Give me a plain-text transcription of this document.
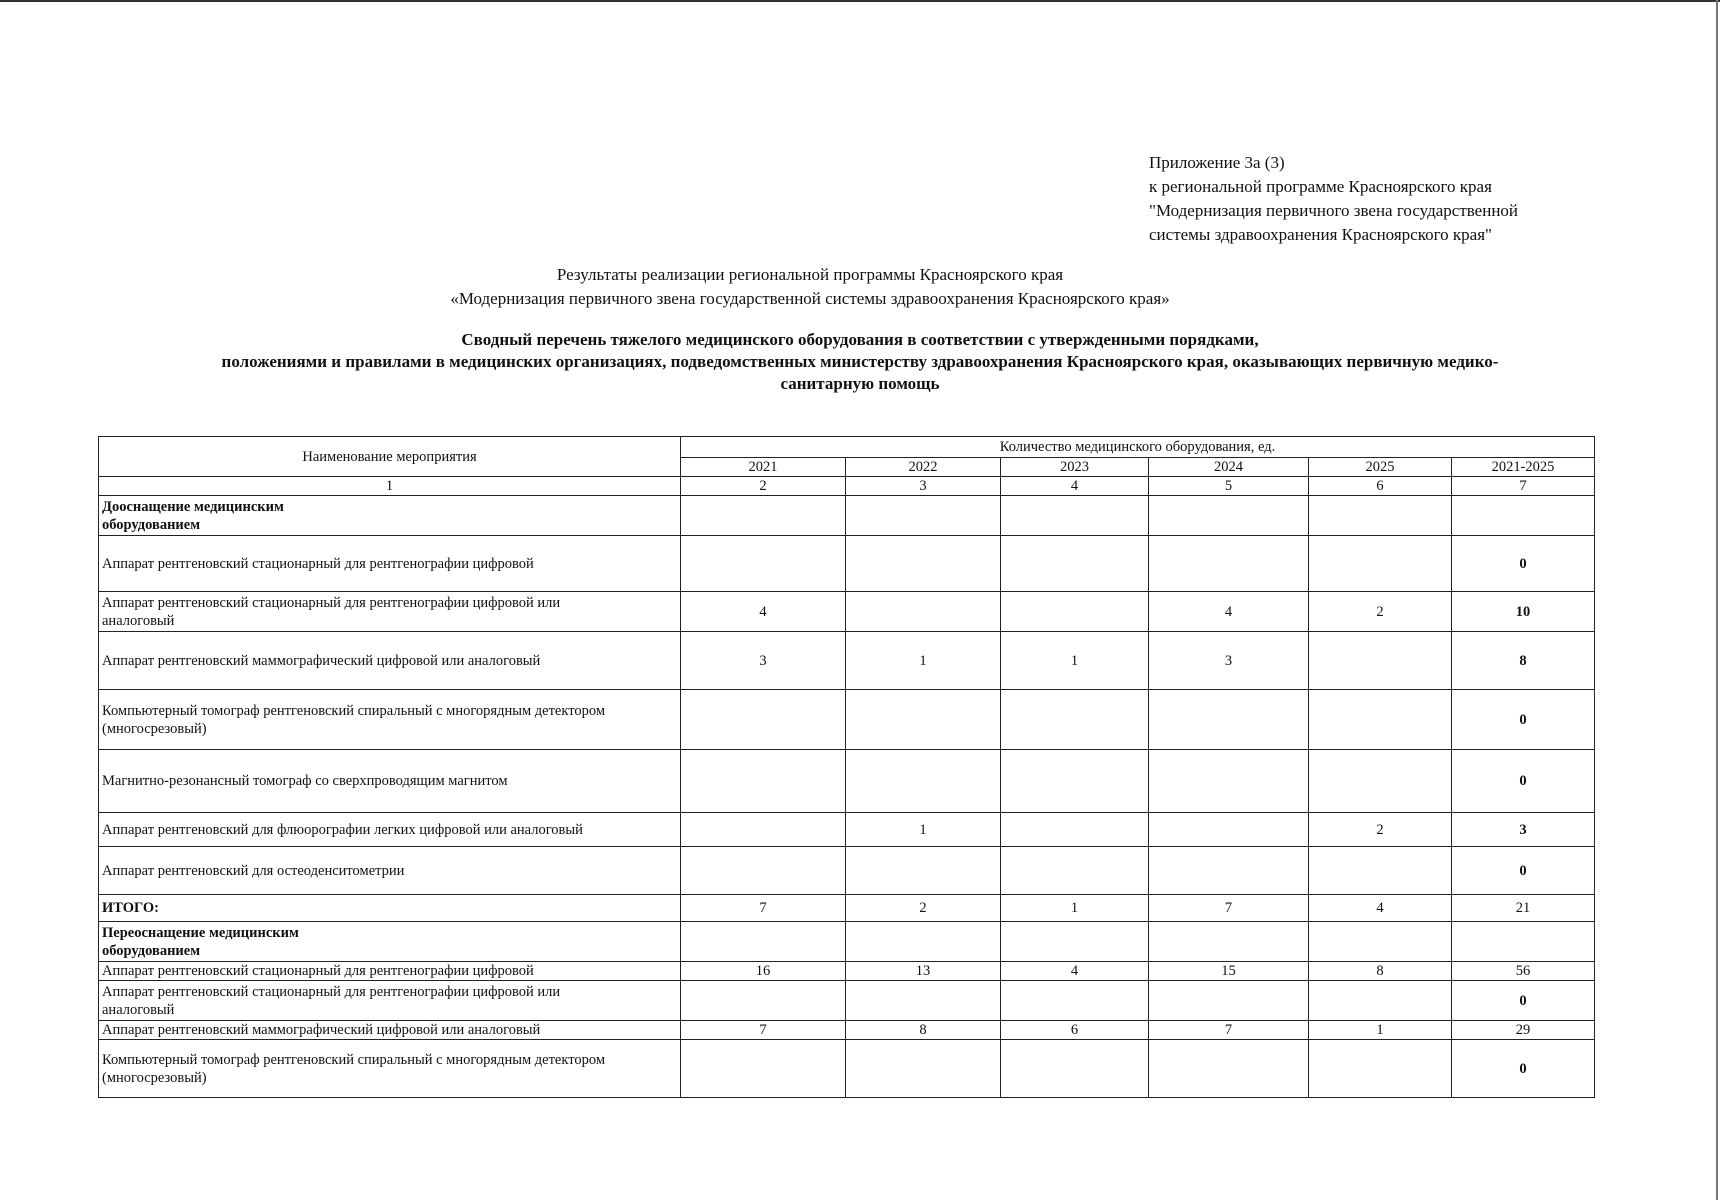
Приложение 3а (3)
к региональной программе Красноярского края
"Модернизация первичного звена государственной
системы здравоохранения Красноярского края"
Результаты реализации региональной программы Красноярского края
«Модернизация первичного звена государственной системы здравоохранения Красноярского края»
Сводный перечень тяжелого медицинского оборудования в соответствии с утвержденными порядками,
положениями и правилами в медицинских организациях, подведомственных министерству здравоохранения Красноярского края, оказывающих первичную медико-
санитарную помощь
Наименование мероприятия	Количество медицинского оборудования, ед.					
	2021	2022	2023	2024	2025	2021-2025
1	2	3	4	5	6	7

Дооснащение медицинским
оборудованием						

Аппарат рентгеновский стационарный для рентгенографии цифровой						0

Аппарат рентгеновский стационарный для рентгенографии цифровой или
аналоговый	4			4	2	10
Аппарат рентгеновский маммографический цифровой или аналоговый	3	1	1	3		8

Компьютерный томограф рентгеновский спиральный с многорядным детектором
(многосрезовый)						0
Магнитно-резонансный томограф со сверхпроводящим магнитом						0
Аппарат рентгеновский для флюорографии легких цифровой или аналоговый		1			2	3
Аппарат рентгеновский для остеоденситометрии						0
ИТОГО:	7	2	1	7	4	21

Переоснащение медицинским
оборудованием						

Аппарат рентгеновский стационарный для рентгенографии цифровой	16	13	4	15	8	56

Аппарат рентгеновский стационарный для рентгенографии цифровой или
аналоговый						0
Аппарат рентгеновский маммографический цифровой или аналоговый	7	8	6	7	1	29

Компьютерный томограф рентгеновский спиральный с многорядным детектором
(многосрезовый)						0
